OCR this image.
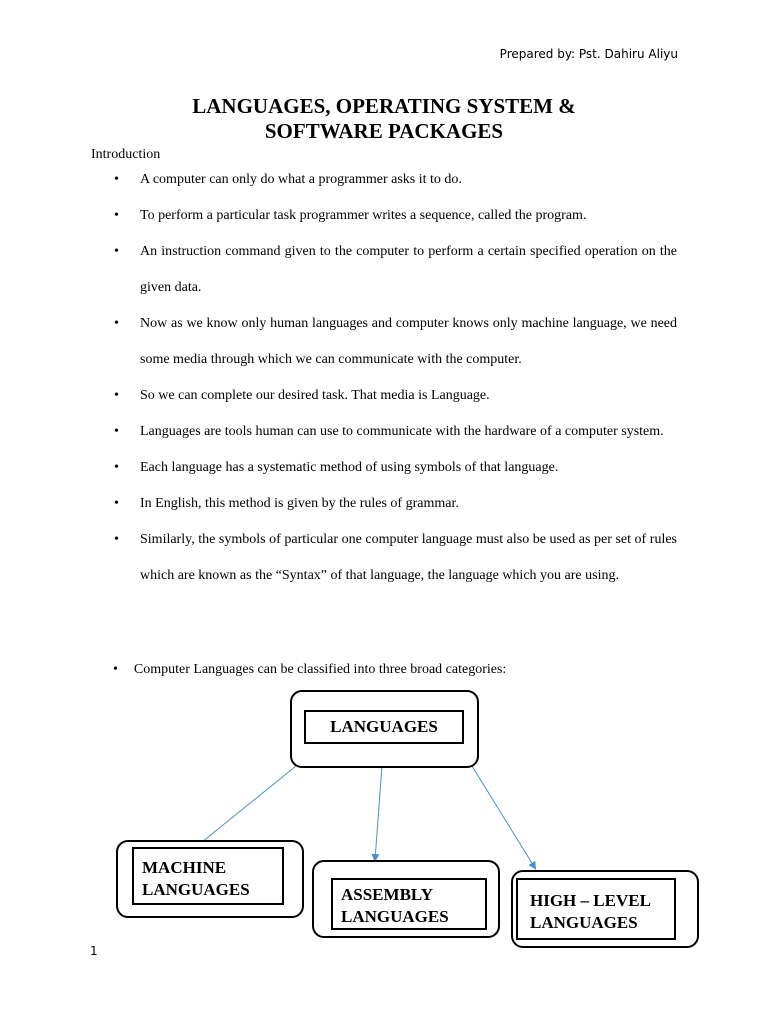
Prepared by: Pst. Dahiru Aliyu
LANGUAGES, OPERATING SYSTEM &
SOFTWARE PACKAGES
Introduction
• A computer can only do what a programmer asks it to do.
• To perform a particular task programmer writes a sequence, called the program.
• An instruction command given to the computer to perform a certain specified operation on the given data.
• Now as we know only human languages and computer knows only machine language, we need some media through which we can communicate with the computer.
• So we can complete our desired task. That media is Language.
• Languages are tools human can use to communicate with the hardware of a computer system.
• Each language has a systematic method of using symbols of that language.
• In English, this method is given by the rules of grammar.
• Similarly, the symbols of particular one computer language must also be used as per set of rules which are known as the “Syntax” of that language, the language which you are using.
• Computer Languages can be classified into three broad categories:
LANGUAGES
MACHINE
LANGUAGES	ASSEMBLY
LANGUAGES
HIGH – LEVEL
LANGUAGES
1
